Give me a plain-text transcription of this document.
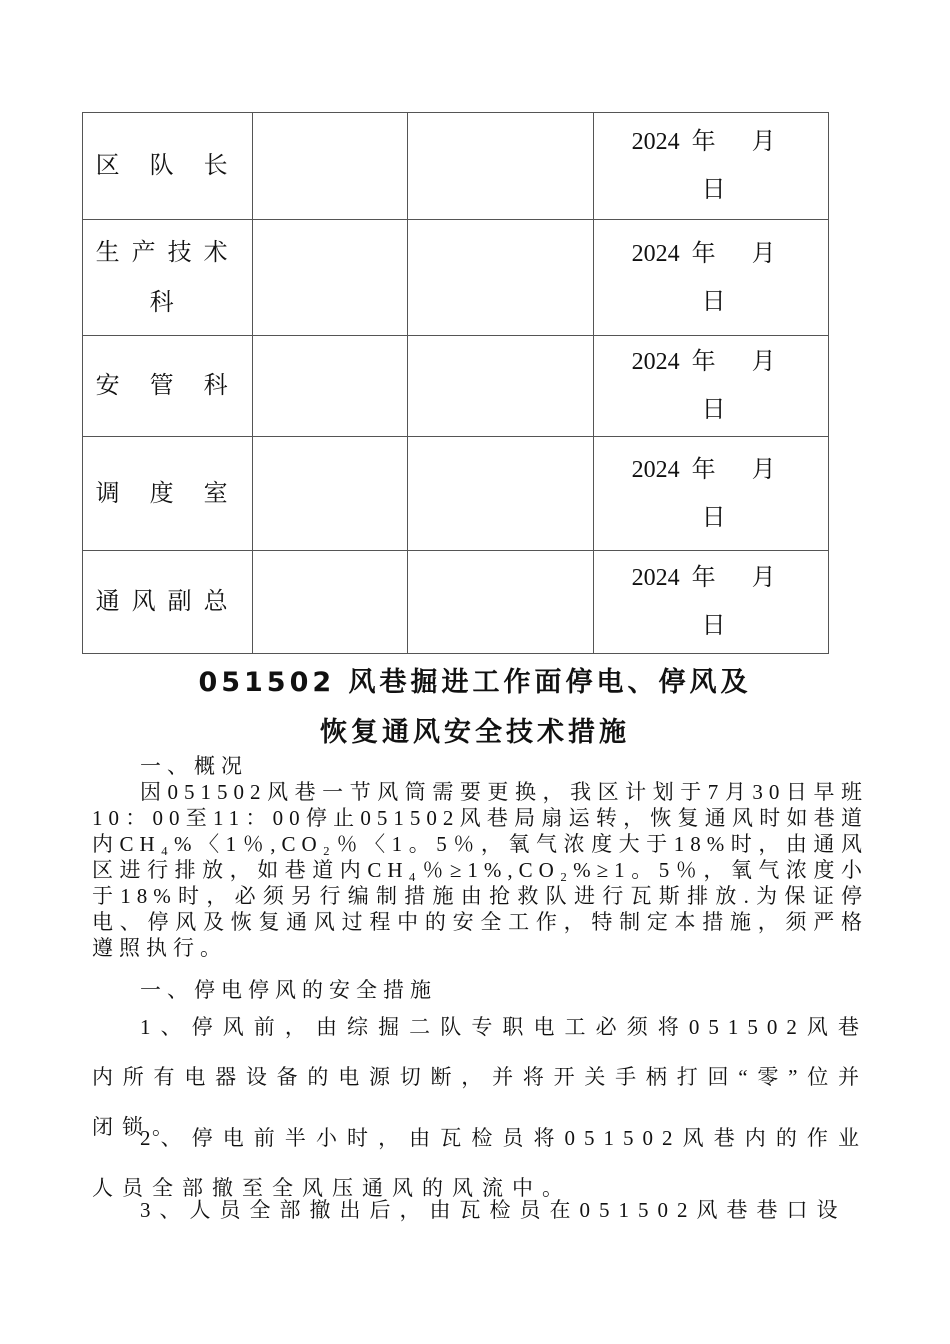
区 队 长			2024  年      月
日

生产技术
科			2024  年      月
日

安 管 科			2024  年      月
日

调 度 室			2024  年      月
日

通风副总			2024  年      月
日
051502 风巷掘进工作面停电、停风及
恢复通风安全技术措施
一、概况
因051502风巷一节风筒需要更换，我区计划于7月30日早班10：00至11：00停止051502风巷局扇运转，恢复通风时如巷道内CH₄%〈1％,CO₂％〈1。5％，氧气浓度大于18%时，由通风区进行排放，如巷道内CH₄％≥1%,CO₂%≥1。5％，氧气浓度小于18%时，必须另行编制措施由抢救队进行瓦斯排放.为保证停电、停风及恢复通风过程中的安全工作，特制定本措施，须严格遵照执行。
一、停电停风的安全措施
1、停风前，由综掘二队专职电工必须将051502风巷内所有电器设备的电源切断，并将开关手柄打回“零”位并闭锁。
2、停电前半小时，由瓦检员将051502风巷内的作业人员全部撤至全风压通风的风流中。
3、人员全部撤出后，由瓦检员在051502风巷巷口设
